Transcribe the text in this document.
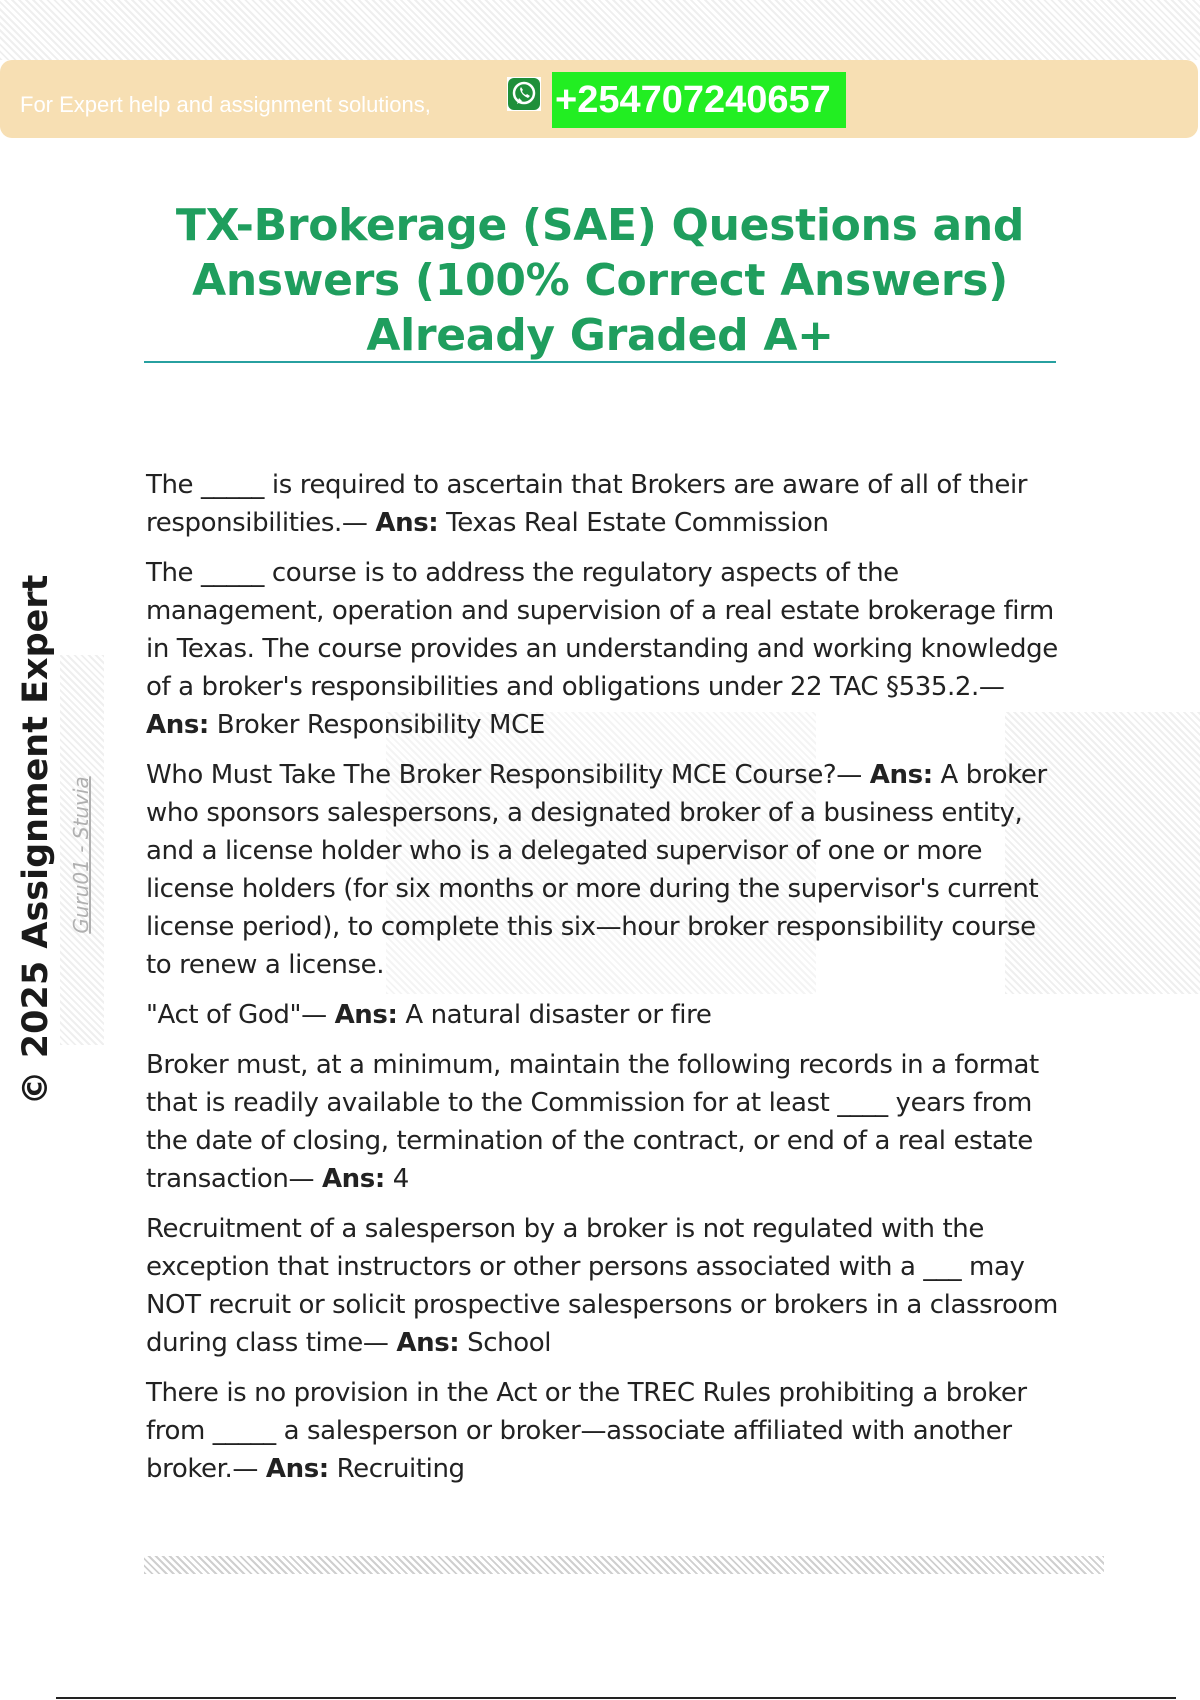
For Expert help and assignment solutions,	+254707240657
TX-Brokerage (SAE) Questions and Answers (100% Correct Answers) Already Graded A+
© 2025 Assignment Expert Guru01 - Stuvia

The _____ is required to ascertain that Brokers are aware of all of their responsibilities.— Ans: Texas Real Estate Commission

The _____ course is to address the regulatory aspects of the management, operation and supervision of a real estate brokerage firm in Texas. The course provides an understanding and working knowledge of a broker's responsibilities and obligations under 22 TAC §535.2.— Ans: Broker Responsibility MCE

Who Must Take The Broker Responsibility MCE Course?— Ans: A broker who sponsors salespersons, a designated broker of a business entity, and a license holder who is a delegated supervisor of one or more license holders (for six months or more during the supervisor's current license period), to complete this six—hour broker responsibility course to renew a license.

"Act of God"— Ans: A natural disaster or fire

Broker must, at a minimum, maintain the following records in a format that is readily available to the Commission for at least ____ years from the date of closing, termination of the contract, or end of a real estate transaction— Ans: 4

Recruitment of a salesperson by a broker is not regulated with the exception that instructors or other persons associated with a ___ may NOT recruit or solicit prospective salespersons or brokers in a classroom during class time— Ans: School

There is no provision in the Act or the TREC Rules prohibiting a broker from _____ a salesperson or broker—associate affiliated with another broker.— Ans: Recruiting
